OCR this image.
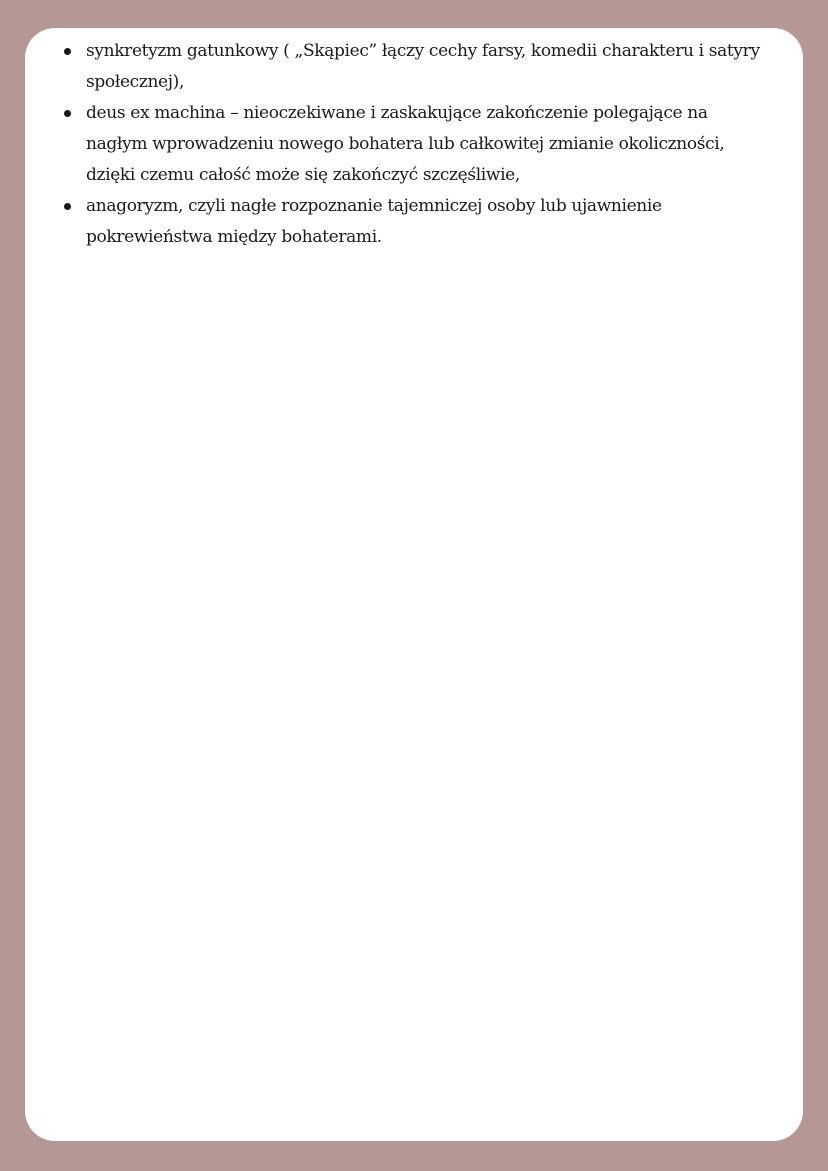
synkretyzm gatunkowy ( „Skąpiec” łączy cechy farsy, komedii charakteru i satyry
społecznej),
deus ex machina – nieoczekiwane i zaskakujące zakończenie polegające na
nagłym wprowadzeniu nowego bohatera lub całkowitej zmianie okoliczności,
dzięki czemu całość może się zakończyć szczęśliwie,
anagoryzm, czyli nagłe rozpoznanie tajemniczej osoby lub ujawnienie
pokrewieństwa między bohaterami.
